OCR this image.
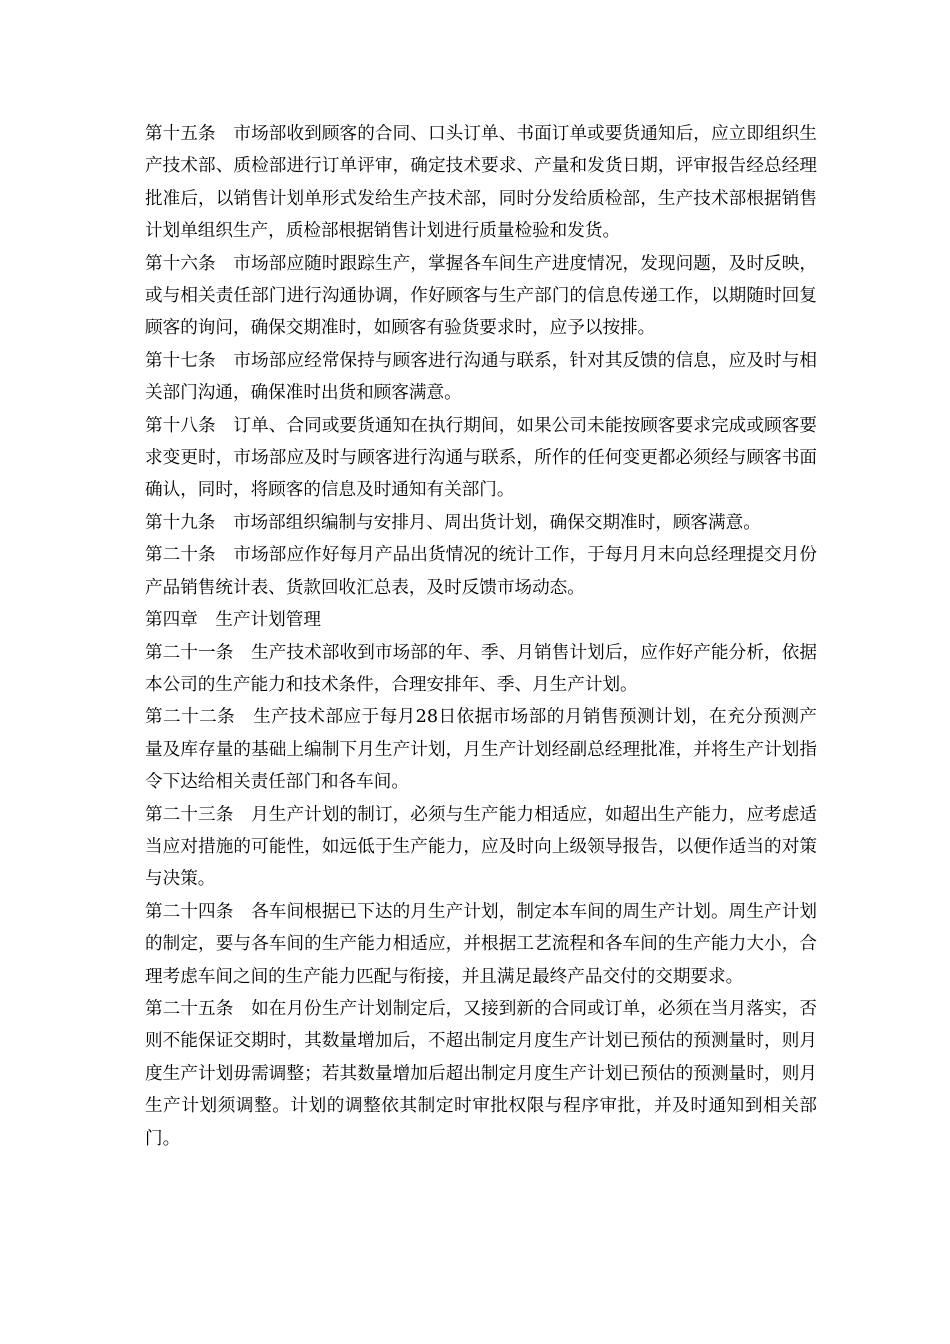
第十五条　市场部收到顾客的合同、口头订单、书面订单或要货通知后，应立即组织生产技术部、质检部进行订单评审，确定技术要求、产量和发货日期，评审报告经总经理批准后，以销售计划单形式发给生产技术部，同时分发给质检部，生产技术部根据销售计划单组织生产，质检部根据销售计划进行质量检验和发货。

第十六条　市场部应随时跟踪生产，掌握各车间生产进度情况，发现问题，及时反映，或与相关责任部门进行沟通协调，作好顾客与生产部门的信息传递工作，以期随时回复顾客的询问，确保交期准时，如顾客有验货要求时，应予以按排。

第十七条　市场部应经常保持与顾客进行沟通与联系，针对其反馈的信息，应及时与相关部门沟通，确保准时出货和顾客满意。

第十八条　订单、合同或要货通知在执行期间，如果公司未能按顾客要求完成或顾客要求变更时，市场部应及时与顾客进行沟通与联系，所作的任何变更都必须经与顾客书面确认，同时，将顾客的信息及时通知有关部门。

第十九条　市场部组织编制与安排月、周出货计划，确保交期准时，顾客满意。

第二十条　市场部应作好每月产品出货情况的统计工作，于每月月末向总经理提交月份产品销售统计表、货款回收汇总表，及时反馈市场动态。

第四章　生产计划管理

第二十一条　生产技术部收到市场部的年、季、月销售计划后，应作好产能分析，依据本公司的生产能力和技术条件，合理安排年、季、月生产计划。

第二十二条　生产技术部应于每月28日依据市场部的月销售预测计划，在充分预测产量及库存量的基础上编制下月生产计划，月生产计划经副总经理批准，并将生产计划指令下达给相关责任部门和各车间。

第二十三条　月生产计划的制订，必须与生产能力相适应，如超出生产能力，应考虑适当应对措施的可能性，如远低于生产能力，应及时向上级领导报告，以便作适当的对策与决策。

第二十四条　各车间根据已下达的月生产计划，制定本车间的周生产计划。周生产计划的制定，要与各车间的生产能力相适应，并根据工艺流程和各车间的生产能力大小，合理考虑车间之间的生产能力匹配与衔接，并且满足最终产品交付的交期要求。

第二十五条　如在月份生产计划制定后，又接到新的合同或订单，必须在当月落实，否则不能保证交期时，其数量增加后，不超出制定月度生产计划已预估的预测量时，则月度生产计划毋需调整；若其数量增加后超出制定月度生产计划已预估的预测量时，则月生产计划须调整。计划的调整依其制定时审批权限与程序审批，并及时通知到相关部门。
